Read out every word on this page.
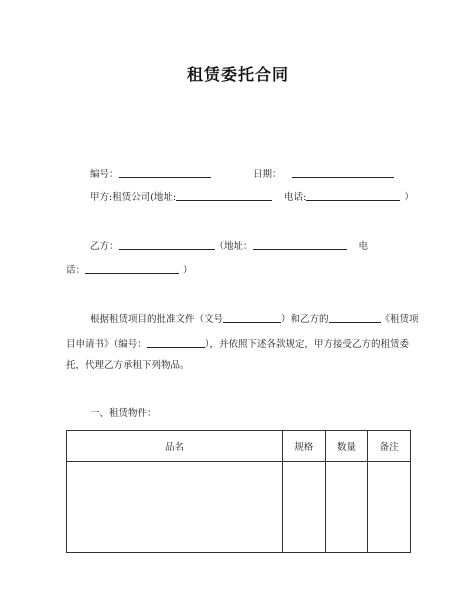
租赁委托合同
编号：	日期：
甲方:租赁公司(地址:	电话:	）
乙方：	（地址：	电
话：	）
根据租赁项目的批准文件（文号	）和乙方的	《租赁项
目申请书》（编号：	），并依照下述各款规定，甲方接受乙方的租赁委
托，代理乙方承租下列物品。
一、租赁物件：
品名	规格	数量	备注
